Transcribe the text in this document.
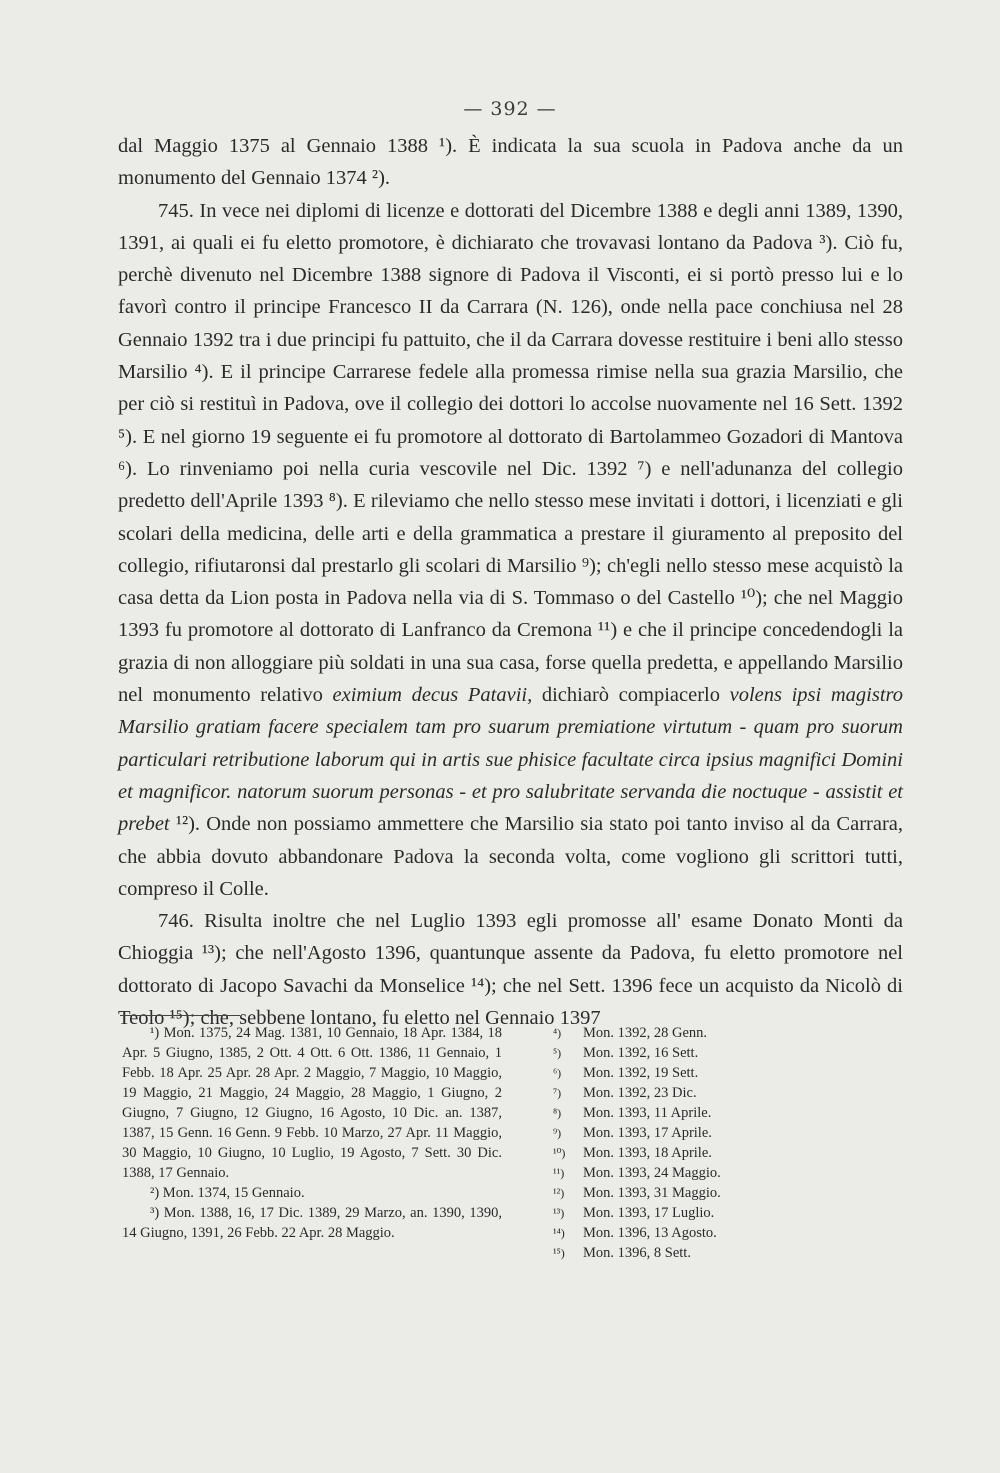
— 392 —

dal Maggio 1375 al Gennaio 1388 ¹). È indicata la sua scuola in Padova anche da un monumento del Gennaio 1374 ²).

745. In vece nei diplomi di licenze e dottorati del Dicembre 1388 e degli anni 1389, 1390, 1391, ai quali ei fu eletto promotore, è dichiarato che trovavasi lontano da Padova ³). Ciò fu, perchè divenuto nel Dicembre 1388 signore di Padova il Visconti, ei si portò presso lui e lo favorì contro il principe Francesco II da Carrara (N. 126), onde nella pace conchiusa nel 28 Gennaio 1392 tra i due principi fu pattuito, che il da Carrara dovesse restituire i beni allo stesso Marsilio ⁴). E il principe Carrarese fedele alla promessa rimise nella sua grazia Marsilio, che per ciò si restituì in Padova, ove il collegio dei dottori lo accolse nuovamente nel 16 Sett. 1392 ⁵). E nel giorno 19 seguente ei fu promotore al dottorato di Bartolammeo Gozadori di Mantova ⁶). Lo rinveniamo poi nella curia vescovile nel Dic. 1392 ⁷) e nell'adunanza del collegio predetto dell'Aprile 1393 ⁸). E rileviamo che nello stesso mese invitati i dottori, i licenziati e gli scolari della medicina, delle arti e della grammatica a prestare il giuramento al preposito del collegio, rifiutaronsi dal prestarlo gli scolari di Marsilio ⁹); ch'egli nello stesso mese acquistò la casa detta da Lion posta in Padova nella via di S. Tommaso o del Castello ¹⁰); che nel Maggio 1393 fu promotore al dottorato di Lanfranco da Cremona ¹¹) e che il principe concedendogli la grazia di non alloggiare più soldati in una sua casa, forse quella predetta, e appellando Marsilio nel monumento relativo eximium decus Patavii, dichiarò compiacerlo volens ipsi magistro Marsilio gratiam facere specialem tam pro suarum premiatione virtutum - quam pro suorum particulari retributione laborum qui in artis sue phisice facultate circa ipsius magnifici Domini et magnificor. natorum suorum personas - et pro salubritate servanda die noctuque - assistit et prebet ¹²). Onde non possiamo ammettere che Marsilio sia stato poi tanto inviso al da Carrara, che abbia dovuto abbandonare Padova la seconda volta, come vogliono gli scrittori tutti, compreso il Colle.

746. Risulta inoltre che nel Luglio 1393 egli promosse all' esame Donato Monti da Chioggia ¹³); che nell'Agosto 1396, quantunque assente da Padova, fu eletto promotore nel dottorato di Jacopo Savachi da Monselice ¹⁴); che nel Sett. 1396 fece un acquisto da Nicolò di Teolo ¹⁵); che, sebbene lontano, fu eletto nel Gennaio 1397

¹) Mon. 1375, 24 Mag. 1381, 10 Gennaio, 18 Apr. 1384, 18 Apr. 5 Giugno, 1385, 2 Ott. 4 Ott. 6 Ott. 1386, 11 Gennaio, 1 Febb. 18 Apr. 25 Apr. 28 Apr. 2 Maggio, 7 Maggio, 10 Maggio, 19 Maggio, 21 Maggio, 24 Maggio, 28 Maggio, 1 Giugno, 2 Giugno, 7 Giugno, 12 Giugno, 16 Agosto, 10 Dic. an. 1387, 1387, 15 Genn. 16 Genn. 9 Febb. 10 Marzo, 27 Apr. 11 Maggio, 30 Maggio, 10 Giugno, 10 Luglio, 19 Agosto, 7 Sett. 30 Dic. 1388, 17 Gennaio.

²) Mon. 1374, 15 Gennaio.

³) Mon. 1388, 16, 17 Dic. 1389, 29 Marzo, an. 1390, 1390, 14 Giugno, 1391, 26 Febb. 22 Apr. 28 Maggio.

⁴) Mon. 1392, 28 Genn.
⁵) Mon. 1392, 16 Sett.
⁶) Mon. 1392, 19 Sett.
⁷) Mon. 1392, 23 Dic.
⁸) Mon. 1393, 11 Aprile.
⁹) Mon. 1393, 17 Aprile.
¹⁰) Mon. 1393, 18 Aprile.
¹¹) Mon. 1393, 24 Maggio.
¹²) Mon. 1393, 31 Maggio.
¹³) Mon. 1393, 17 Luglio.
¹⁴) Mon. 1396, 13 Agosto.
¹⁵) Mon. 1396, 8 Sett.
